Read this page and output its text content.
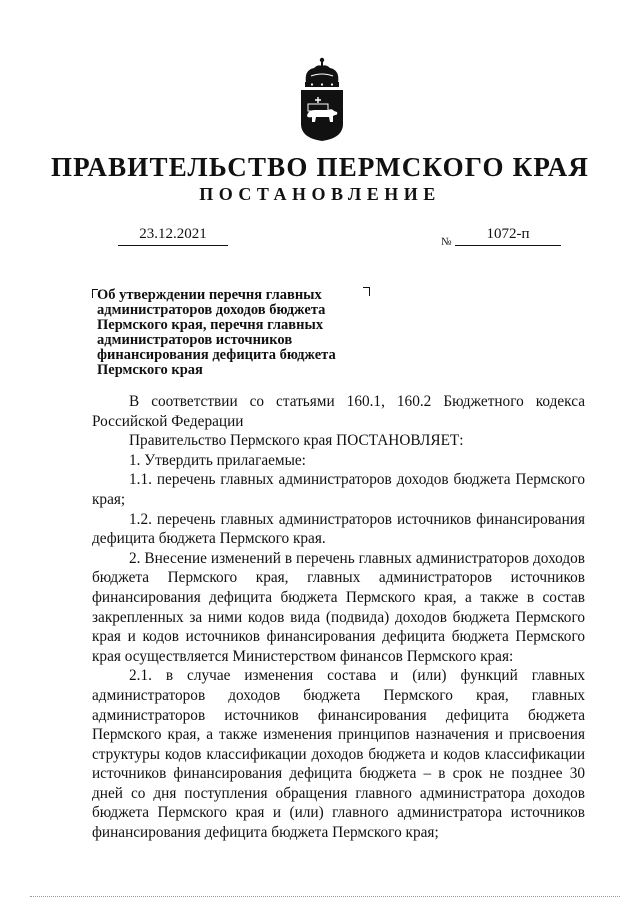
ПРАВИТЕЛЬСТВО ПЕРМСКОГО КРАЯ
ПОСТАНОВЛЕНИЕ
23.12.2021	№	1072-п
Об утверждении перечня главных администраторов доходов бюджета Пермского края, перечня главных администраторов источников финансирования дефицита бюджета Пермского края

В соответствии со статьями 160.1, 160.2 Бюджетного кодекса Российской Федерации

Правительство Пермского края ПОСТАНОВЛЯЕТ:

1. Утвердить прилагаемые:

1.1. перечень главных администраторов доходов бюджета Пермского края;

1.2. перечень главных администраторов источников финансирования дефицита бюджета Пермского края.

2. Внесение изменений в перечень главных администраторов доходов бюджета Пермского края, главных администраторов источников финансирования дефицита бюджета Пермского края, а также в состав закрепленных за ними кодов вида (подвида) доходов бюджета Пермского края и кодов источников финансирования дефицита бюджета Пермского края осуществляется Министерством финансов Пермского края:

2.1. в случае изменения состава и (или) функций главных администраторов доходов бюджета Пермского края, главных администраторов источников финансирования дефицита бюджета Пермского края, а также изменения принципов назначения и присвоения структуры кодов классификации доходов бюджета и кодов классификации источников финансирования дефицита бюджета – в срок не позднее 30 дней со дня поступления обращения главного администратора доходов бюджета Пермского края и (или) главного администратора источников финансирования дефицита бюджета Пермского края;
